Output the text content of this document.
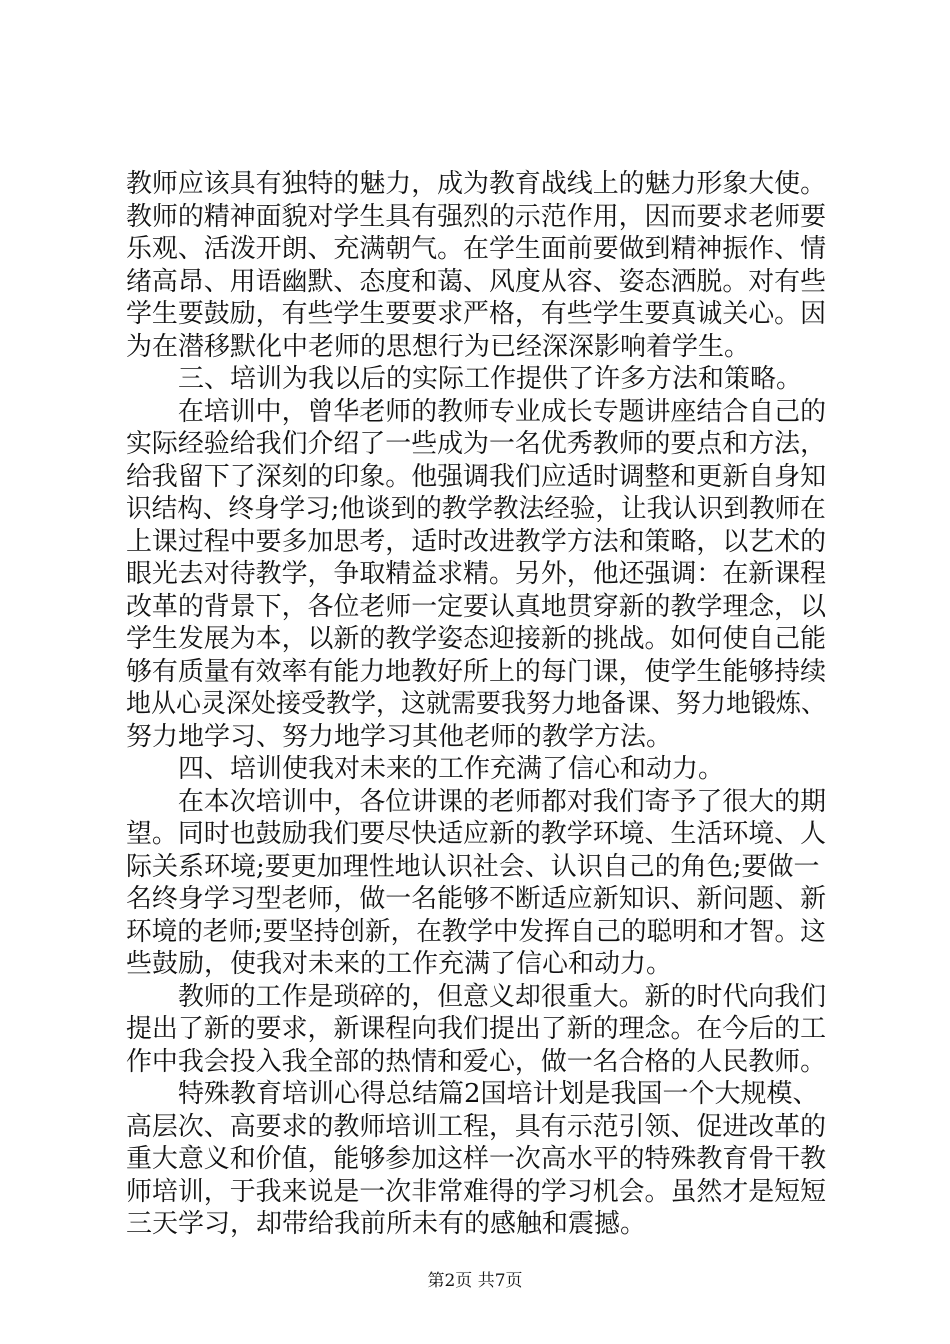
教师应该具有独特的魅力，成为教育战线上的魅力形象大使。
教师的精神面貌对学生具有强烈的示范作用，因而要求老师要
乐观、活泼开朗、充满朝气。在学生面前要做到精神振作、情
绪高昂、用语幽默、态度和蔼、风度从容、姿态洒脱。对有些
学生要鼓励，有些学生要要求严格，有些学生要真诚关心。因
为在潜移默化中老师的思想行为已经深深影响着学生。
三、培训为我以后的实际工作提供了许多方法和策略。
在培训中，曾华老师的教师专业成长专题讲座结合自己的
实际经验给我们介绍了一些成为一名优秀教师的要点和方法，
给我留下了深刻的印象。他强调我们应适时调整和更新自身知
识结构、终身学习;他谈到的教学教法经验，让我认识到教师在
上课过程中要多加思考，适时改进教学方法和策略，以艺术的
眼光去对待教学，争取精益求精。另外，他还强调：在新课程
改革的背景下，各位老师一定要认真地贯穿新的教学理念，以
学生发展为本，以新的教学姿态迎接新的挑战。如何使自己能
够有质量有效率有能力地教好所上的每门课，使学生能够持续
地从心灵深处接受教学，这就需要我努力地备课、努力地锻炼、
努力地学习、努力地学习其他老师的教学方法。
四、培训使我对未来的工作充满了信心和动力。
在本次培训中，各位讲课的老师都对我们寄予了很大的期
望。同时也鼓励我们要尽快适应新的教学环境、生活环境、人
际关系环境;要更加理性地认识社会、认识自己的角色;要做一
名终身学习型老师，做一名能够不断适应新知识、新问题、新
环境的老师;要坚持创新，在教学中发挥自己的聪明和才智。这
些鼓励，使我对未来的工作充满了信心和动力。
教师的工作是琐碎的，但意义却很重大。新的时代向我们
提出了新的要求，新课程向我们提出了新的理念。在今后的工
作中我会投入我全部的热情和爱心，做一名合格的人民教师。
特殊教育培训心得总结篇2国培计划是我国一个大规模、
高层次、高要求的教师培训工程，具有示范引领、促进改革的
重大意义和价值，能够参加这样一次高水平的特殊教育骨干教
师培训，于我来说是一次非常难得的学习机会。虽然才是短短
三天学习，却带给我前所未有的感触和震撼。
第2页 共7页
